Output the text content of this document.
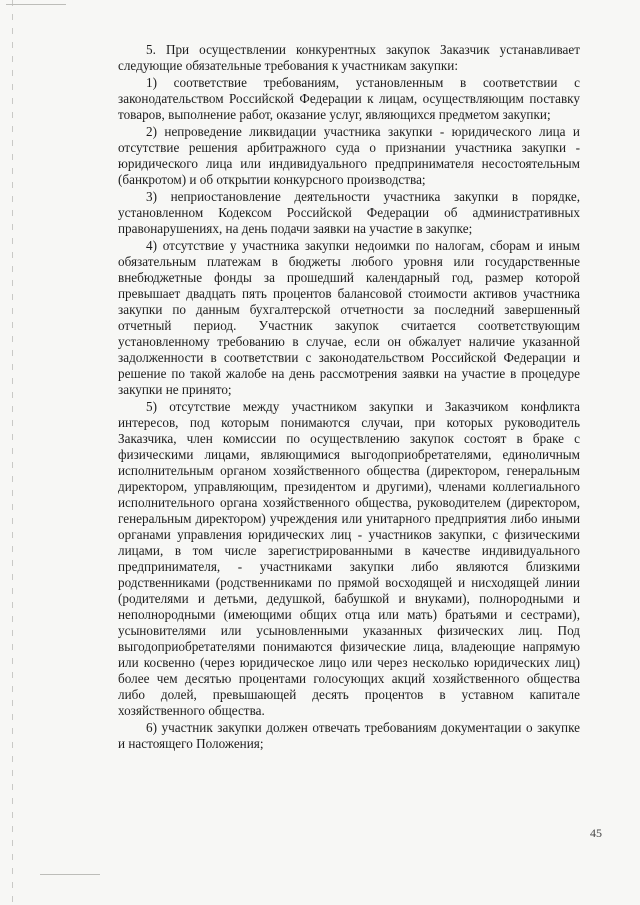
5. При осуществлении конкурентных закупок Заказчик устанавливает следующие обязательные требования к участникам закупки:

1) соответствие требованиям, установленным в соответствии с законодательством Российской Федерации к лицам, осуществляющим поставку товаров, выполнение работ, оказание услуг, являющихся предметом закупки;

2) непроведение ликвидации участника закупки - юридического лица и отсутствие решения арбитражного суда о признании участника закупки - юридического лица или индивидуального предпринимателя несостоятельным (банкротом) и об открытии конкурсного производства;

3) неприостановление деятельности участника закупки в порядке, установленном Кодексом Российской Федерации об административных правонарушениях, на день подачи заявки на участие в закупке;

4) отсутствие у участника закупки недоимки по налогам, сборам и иным обязательным платежам в бюджеты любого уровня или государственные внебюджетные фонды за прошедший календарный год, размер которой превышает двадцать пять процентов балансовой стоимости активов участника закупки по данным бухгалтерской отчетности за последний завершенный отчетный период. Участник закупок считается соответствующим установленному требованию в случае, если он обжалует наличие указанной задолженности в соответствии с законодательством Российской Федерации и решение по такой жалобе на день рассмотрения заявки на участие в процедуре закупки не принято;

5) отсутствие между участником закупки и Заказчиком конфликта интересов, под которым понимаются случаи, при которых руководитель Заказчика, член комиссии по осуществлению закупок состоят в браке с физическими лицами, являющимися выгодоприобретателями, единоличным исполнительным органом хозяйственного общества (директором, генеральным директором, управляющим, президентом и другими), членами коллегиального исполнительного органа хозяйственного общества, руководителем (директором, генеральным директором) учреждения или унитарного предприятия либо иными органами управления юридических лиц - участников закупки, с физическими лицами, в том числе зарегистрированными в качестве индивидуального предпринимателя, - участниками закупки либо являются близкими родственниками (родственниками по прямой восходящей и нисходящей линии (родителями и детьми, дедушкой, бабушкой и внуками), полнородными и неполнородными (имеющими общих отца или мать) братьями и сестрами), усыновителями или усыновленными указанных физических лиц. Под выгодоприобретателями понимаются физические лица, владеющие напрямую или косвенно (через юридическое лицо или через несколько юридических лиц) более чем десятью процентами голосующих акций хозяйственного общества либо долей, превышающей десять процентов в уставном капитале хозяйственного общества.

6) участник закупки должен отвечать требованиям документации о закупке и настоящего Положения;

45
